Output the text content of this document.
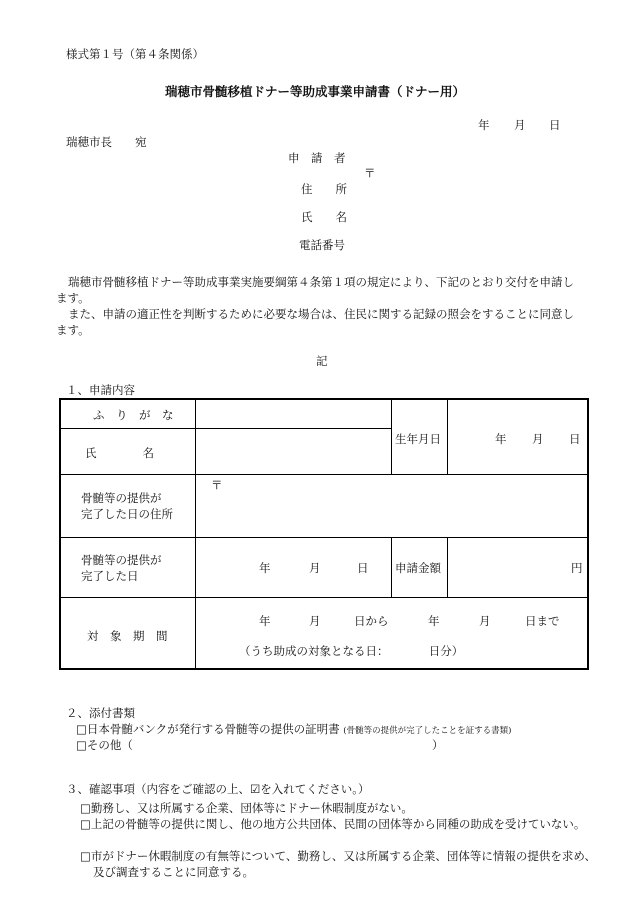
様式第１号（第４条関係）
瑞穂市骨髄移植ドナー等助成事業申請書（ドナー用）
年 月 日
瑞穂市長　　宛
申　請　者
〒
住　　所
氏　　名
電話番号
瑞穂市骨髄移植ドナー等助成事業実施要綱第４条第１項の規定により、下記のとおり交付を申請します。
また、申請の適正性を判断するために必要な場合は、住民に関する記録の照会をすることに同意します。
記
１、申請内容
ふ　り　が　な
氏　　　　名
生年月日	年 月 日
骨髄等の提供が
完了した日の住所
〒
骨髄等の提供が
完了した日
年	月	日 申請金額	円
対　象　期　間
年	月	日から	年	月	日まで
（うち助成の対象となる日：　　　　日分）
２、添付書類
□日本骨髄バンクが発行する骨髄等の提供の証明書 (骨髄等の提供が完了したことを証する書類)
□その他（	）
３、確認事項（内容をご確認の上、☑を入れてください。）
□勤務し、又は所属する企業、団体等にドナー休暇制度がない。
□上記の骨髄等の提供に関し、他の地方公共団体、民間の団体等から同種の助成を受けていない。
□市がドナー休暇制度の有無等について、勤務し、又は所属する企業、団体等に情報の提供を求め、及び調査することに同意する。
